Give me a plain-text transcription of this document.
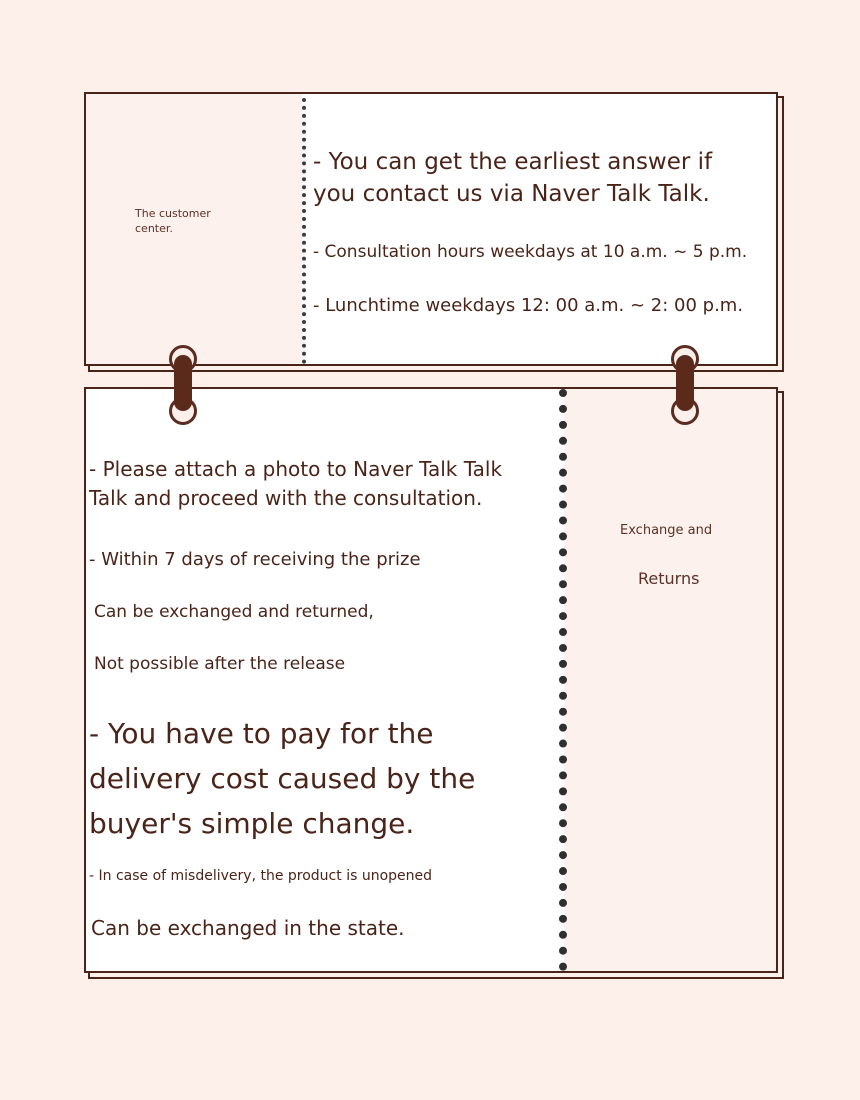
The customer
center.
- You can get the earliest answer if
you contact us via Naver Talk Talk.
- Consultation hours weekdays at 10 a.m. ~ 5 p.m.
- Lunchtime weekdays 12: 00 a.m. ~ 2: 00 p.m.
Exchange and
Returns
- Please attach a photo to Naver Talk Talk
Talk and proceed with the consultation.
- Within 7 days of receiving the prize
Can be exchanged and returned,
Not possible after the release
- You have to pay for the
delivery cost caused by the
buyer's simple change.
- In case of misdelivery, the product is unopened
Can be exchanged in the state.
